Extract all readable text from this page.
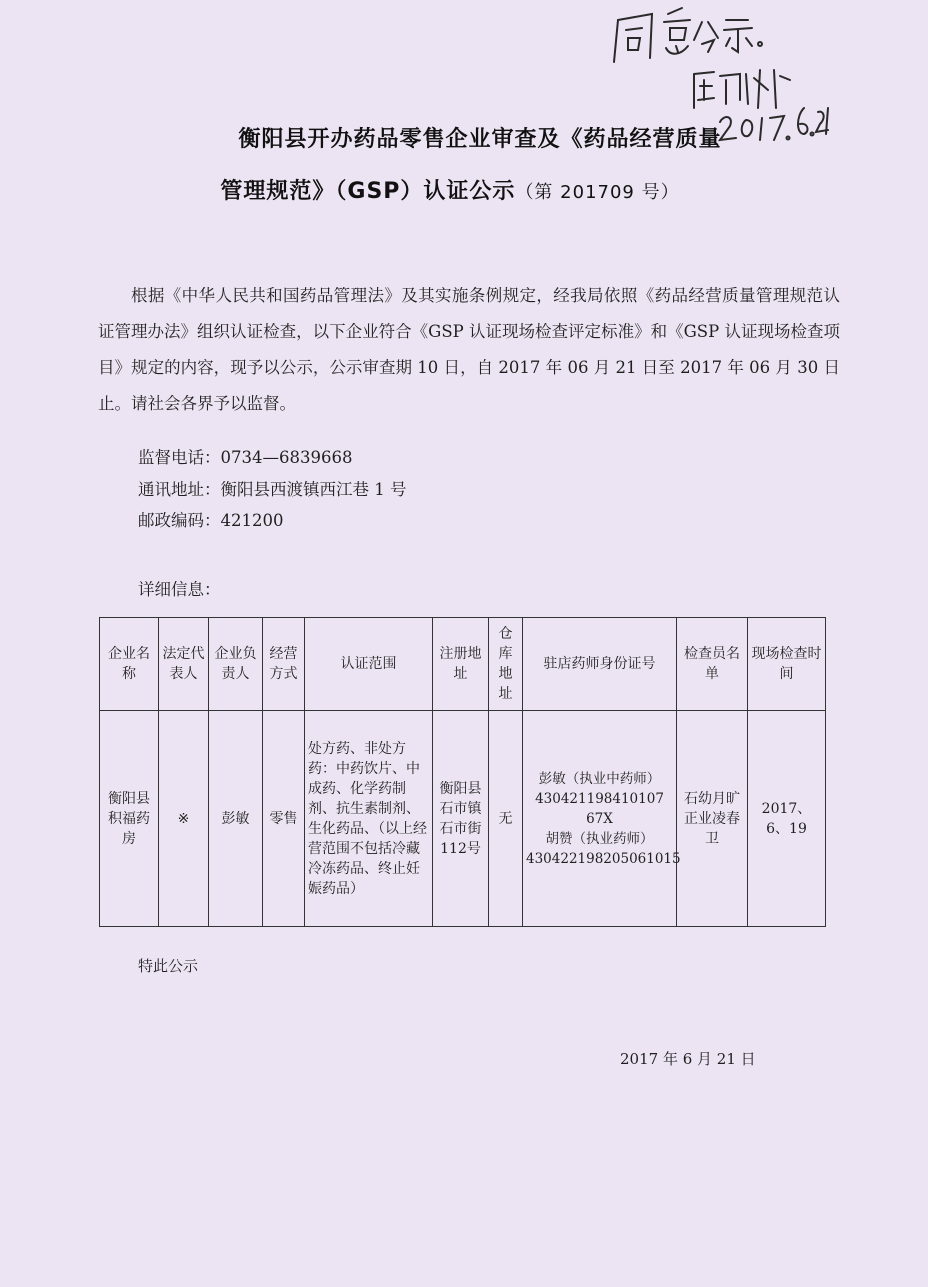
衡阳县开办药品零售企业审查及《药品经营质量
管理规范》（GSP）认证公示（第 201709 号）

根据《中华人民共和国药品管理法》及其实施条例规定，经我局依照《药品经营质量管理规范认证管理办法》组织认证检查，以下企业符合《GSP 认证现场检查评定标准》和《GSP 认证现场检查项目》规定的内容，现予以公示，公示审查期 10 日，自 2017 年 06 月 21 日至 2017 年 06 月 30 日止。请社会各界予以监督。

监督电话：0734—6839668
通讯地址：衡阳县西渡镇西江巷 1 号
邮政编码：421200
详细信息：
企业名称	法定代表人	企业负责人	经营方式	认证范围	注册地址	仓库地址	驻店药师身份证号	检查员名单	现场检查时间
衡阳县积福药房	※	彭敏	零售	处方药、非处方药：中药饮片、中成药、化学药制剂、抗生素制剂、生化药品、（以上经营范围不包括冷藏冷冻药品、终止妊娠药品）	衡阳县石市镇石市街112号	无	彭敏（执业中药师）
430421198410107 67X
胡赞（执业药师）
430422198205061015	石幼月旷正业凌春卫	2017、6、19
特此公示
2017 年 6 月 21 日
